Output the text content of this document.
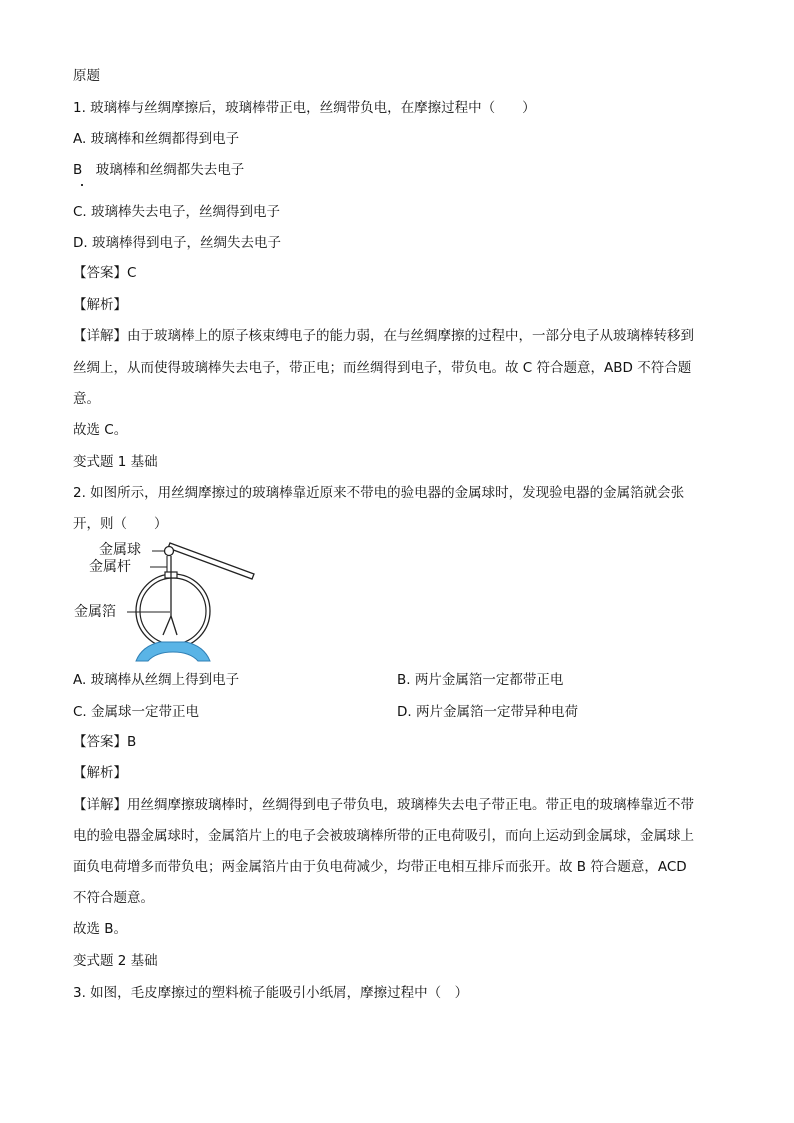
原题
1. 玻璃棒与丝绸摩擦后，玻璃棒带正电，丝绸带负电，在摩擦过程中（　　）
A. 玻璃棒和丝绸都得到电子
B　玻璃棒和丝绸都失去电子
C. 玻璃棒失去电子，丝绸得到电子
D. 玻璃棒得到电子，丝绸失去电子
【答案】C
【解析】
【详解】由于玻璃棒上的原子核束缚电子的能力弱，在与丝绸摩擦的过程中，一部分电子从玻璃棒转移到
丝绸上，从而使得玻璃棒失去电子，带正电；而丝绸得到电子，带负电。故 C 符合题意，ABD 不符合题
意。
故选 C。
变式题 1 基础
2. 如图所示，用丝绸摩擦过的玻璃棒靠近原来不带电的验电器的金属球时，发现验电器的金属箔就会张
开，则（　　）
金属球
金属杆
金属箔
A. 玻璃棒从丝绸上得到电子	B. 两片金属箔一定都带正电
C. 金属球一定带正电	D. 两片金属箔一定带异种电荷
【答案】B
【解析】
【详解】用丝绸摩擦玻璃棒时，丝绸得到电子带负电，玻璃棒失去电子带正电。带正电的玻璃棒靠近不带
电的验电器金属球时，金属箔片上的电子会被玻璃棒所带的正电荷吸引，而向上运动到金属球，金属球上
面负电荷增多而带负电；两金属箔片由于负电荷减少，均带正电相互排斥而张开。故 B 符合题意，ACD
不符合题意。
故选 B。
变式题 2 基础
3. 如图，毛皮摩擦过的塑料梳子能吸引小纸屑，摩擦过程中（　）
